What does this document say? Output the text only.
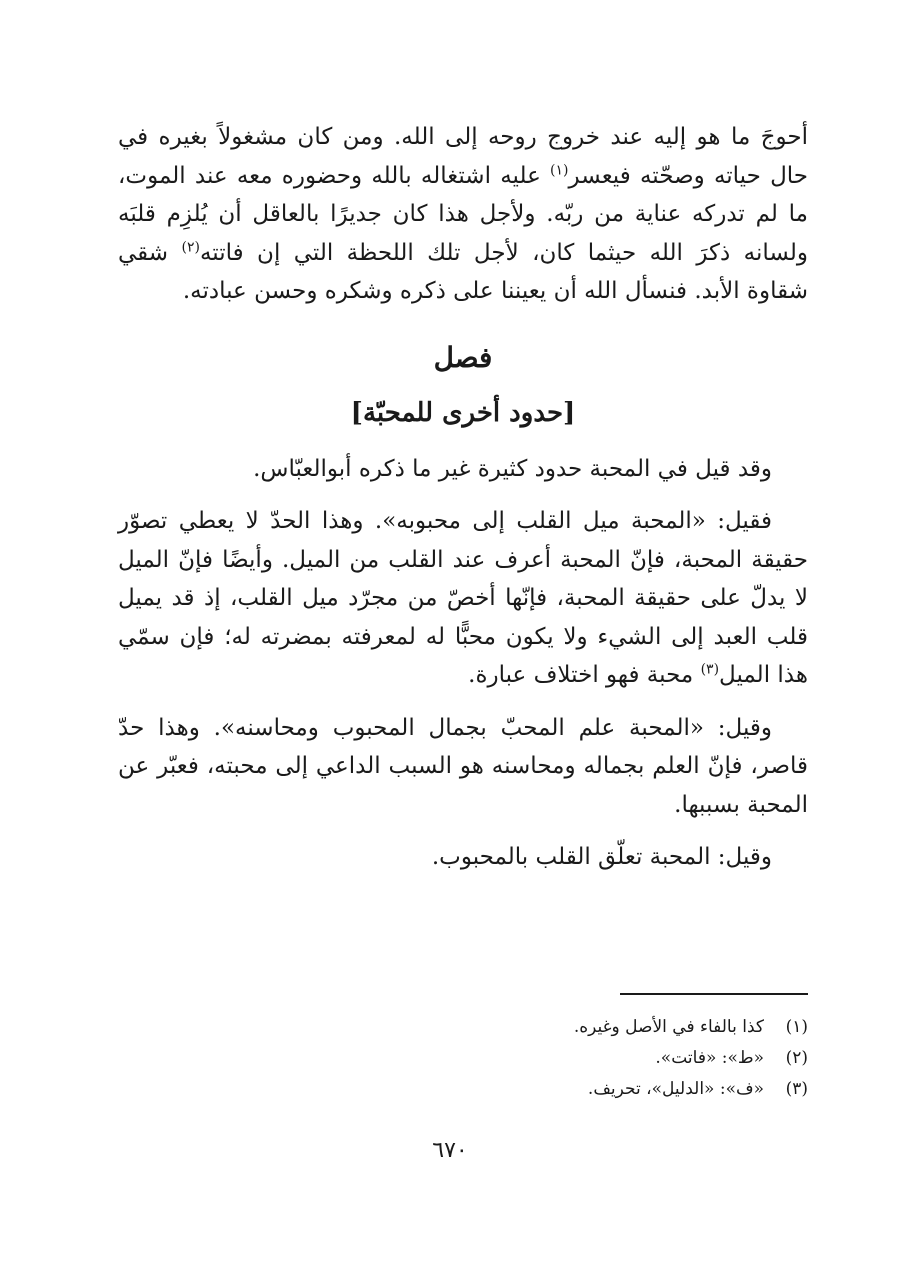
أحوجَ ما هو إليه عند خروج روحه إلى الله. ومن كان مشغولاً بغيره في حال حياته وصحّته فيعسر$^{(١)}$ عليه اشتغاله بالله وحضوره معه عند الموت، ما لم تدركه عناية من ربّه. ولأجل هذا كان جديرًا بالعاقل أن يُلزِم قلبَه ولسانه ذكرَ الله حيثما كان، لأجل تلك اللحظة التي إن فاتته$^{(٢)}$ شقي شقاوة الأبد. فنسأل الله أن يعيننا على ذكره وشكره وحسن عبادته.

فصل
[حدود أخرى للمحبّة]

وقد قيل في المحبة حدود كثيرة غير ما ذكره أبوالعبّاس.

فقيل: «المحبة ميل القلب إلى محبوبه». وهذا الحدّ لا يعطي تصوّر حقيقة المحبة، فإنّ المحبة أعرف عند القلب من الميل. وأيضًا فإنّ الميل لا يدلّ على حقيقة المحبة، فإنّها أخصّ من مجرّد ميل القلب، إذ قد يميل قلب العبد إلى الشيء ولا يكون محبًّا له لمعرفته بمضرته له؛ فإن سمّي هذا الميل$^{(٣)}$ محبة فهو اختلاف عبارة.

وقيل: «المحبة علم المحبّ بجمال المحبوب ومحاسنه». وهذا حدّ قاصر، فإنّ العلم بجماله ومحاسنه هو السبب الداعي إلى محبته، فعبّر عن المحبة بسببها.

وقيل: المحبة تعلّق القلب بالمحبوب.

(١)كذا بالفاء في الأصل وغيره.
(٢)«ط»: «فاتت».
(٣)«ف»: «الدليل»، تحريف.
٦٧٠
